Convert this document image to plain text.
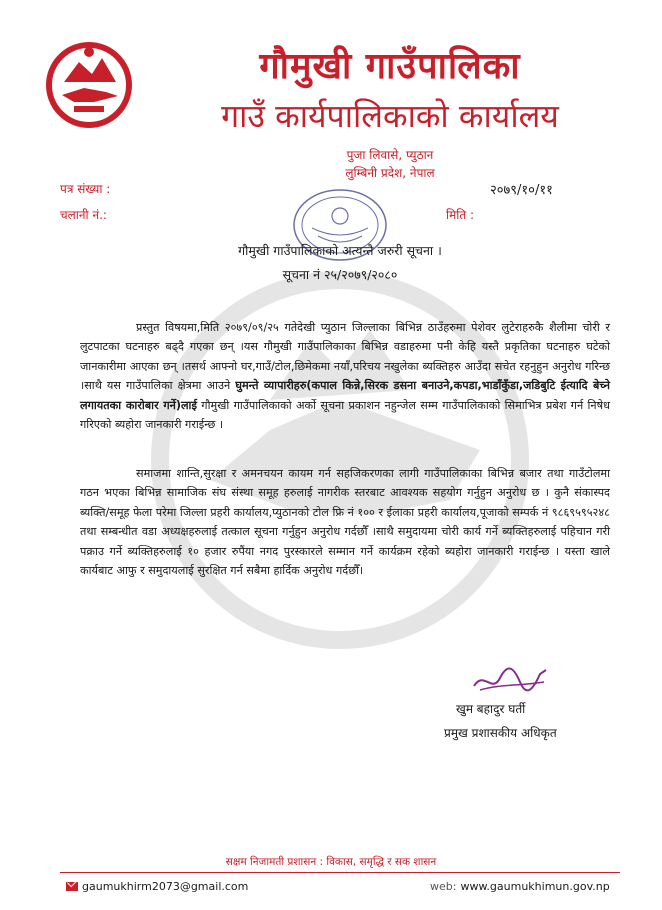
गौमुखी गाउँपालिका
गाउँ कार्यपालिकाको कार्यालय
पुजा लिवासे, प्युठान
लुम्बिनी प्रदेश, नेपाल
पत्र संख्या :	२०७९/१०/११
चलानी नं.:	मिति :
गौमुखी गाउँपालिकाको अत्यन्तै जरुरी सूचना ।
सूचना नं २५/२०७९/२०८०
प्रस्तुत विषयमा,मिति २०७९/०९/२५ गतेदेखी प्युठान जिल्लाका बिभिन्न ठाउँहरुमा पेशेवर लुटेराहरुकै शैलीमा चोरी र लुटपाटका घटनाहरु बढ्दै गएका छन् ।यस गौमुखी गाउँपालिकाका बिभिन्न वडाहरुमा पनी केहि यस्तै प्रकृतिका घटनाहरु घटेको जानकारीमा आएका छन् ।तसर्थ आफ्नो घर,गाउँ/टोल,छिमेकमा नयाँ,परिचय नखुलेका ब्यक्तिहरु आउँदा सचेत रहनुहुन अनुरोध गरिन्छ ।साथै यस गाउँपालिका क्षेत्रमा आउने घुमन्ते व्यापारीहरु(कपाल किन्ने,सिरक डसना बनाउने,कपडा,भाडाँकुँडा,जडिबुटि ईत्यादि बेच्ने लगायतका कारोबार गर्ने)लाई गौमुखी गाउँपालिकाको अर्को सूचना प्रकाशन नहुन्जेल सम्म गाउँपालिकाको सिमाभित्र प्रबेश गर्न निषेध गरिएको ब्यहोरा जानकारी गराईन्छ ।
समाजमा शान्ति,सुरक्षा र अमनचयन कायम गर्न सहजिकरणका लागी गाउँपालिकाका बिभिन्न बजार तथा गाउँटोलमा गठन भएका बिभिन्न सामाजिक संघ संस्था समूह हरुलाई नागरीक स्तरबाट आवश्यक सहयोग गर्नुहुन अनुरोध छ । कुनै संकास्पद ब्यक्ति/समूह फेला परेमा जिल्ला प्रहरी कार्यालय,प्युठानको टोल फ्रि नं १०० र ईलाका प्रहरी कार्यालय,पूजाको सम्पर्क नं ९८६९५९५२४८ तथा सम्बन्धीत वडा अध्यक्षहरुलाई तत्काल सूचना गर्नुहुन अनुरोध गर्दछौँ ।साथै समुदायमा चोरी कार्य गर्ने ब्यक्तिहरुलाई पहिचान गरी पक्राउ गर्ने ब्यक्तिहरुलाई १० हजार रुपैंया नगद पुरस्कारले सम्मान गर्ने कार्यक्रम रहेको ब्यहोरा जानकारी गराईन्छ । यस्ता खाले कार्यबाट आफु र समुदायलाई सुरक्षित गर्न सबैमा हार्दिक अनुरोध गर्दछौँ।
खुम बहादुर घर्ती
प्रमुख प्रशासकीय अधिकृत
सक्षम निजामती प्रशासन : विकास, समृद्धि र सक शासन
gaumukhirm2073@gmail.com	web: www.gaumukhimun.gov.np
